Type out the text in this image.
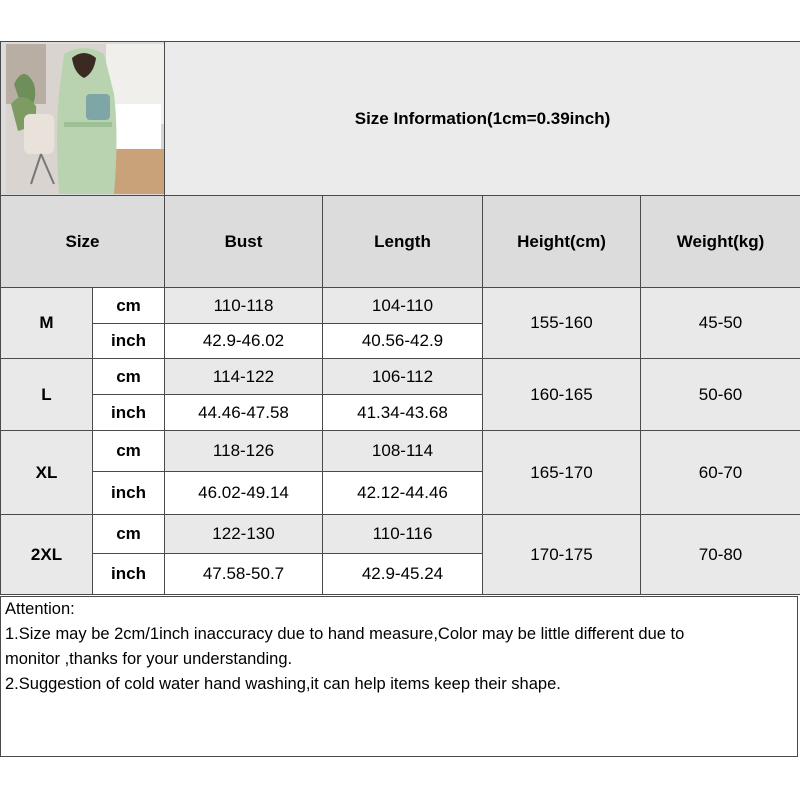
	Size Information(1cm=0.39inch)			
Size		Bust	Length	Height(cm)	Weight(kg)
M	cm	110-118	104-110	155-160	45-50
	inch	42.9-46.02	40.56-42.9		
L	cm	114-122	106-112	160-165	50-60
	inch	44.46-47.58	41.34-43.68		
XL	cm	118-126	108-114	165-170	60-70
	inch	46.02-49.14	42.12-44.46		
2XL	cm	122-130	110-116	170-175	70-80
	inch	47.58-50.7	42.9-45.24		
Attention:
1.Size may be 2cm/1inch inaccuracy due to hand measure,Color may be little different due to
monitor ,thanks for your understanding.
2.Suggestion of cold water hand washing,it can help items keep their shape.
